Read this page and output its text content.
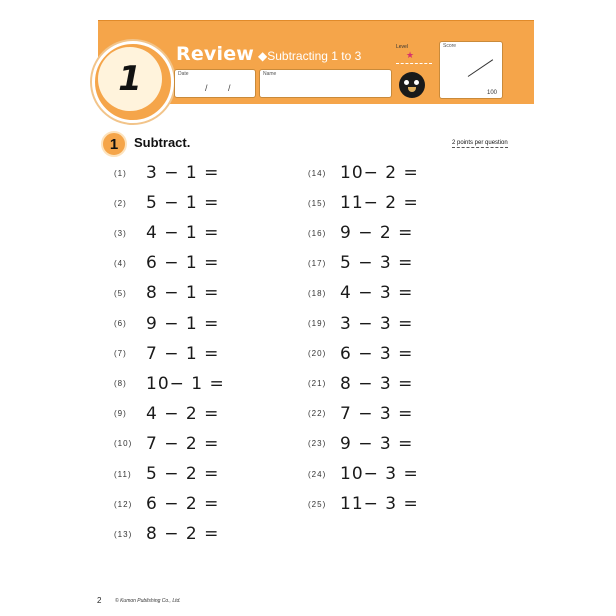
1
Review ◆Subtracting 1 to 3
Date
/ /
Name
Level
★
Score
100
1	Subtract.	2 points per question
(1)	3 − 1 =
(2)	5 − 1 =
(3)	4 − 1 =
(4)	6 − 1 =
(5)	8 − 1 =
(6)	9 − 1 =
(7)	7 − 1 =
(8)	10− 1 =
(9)	4 − 2 =
(10) 7 − 2 =
(11) 5 − 2 =
(12) 6 − 2 =
(13) 8 − 2 =
(14) 10− 2 =
(15) 11− 2 =
(16) 9 − 2 =
(17) 5 − 3 =
(18) 4 − 3 =
(19) 3 − 3 =
(20) 6 − 3 =
(21) 8 − 3 =
(22) 7 − 3 =
(23) 9 − 3 =
(24) 10− 3 =
(25) 11− 3 =
2	© Kumon Publishing Co., Ltd.
